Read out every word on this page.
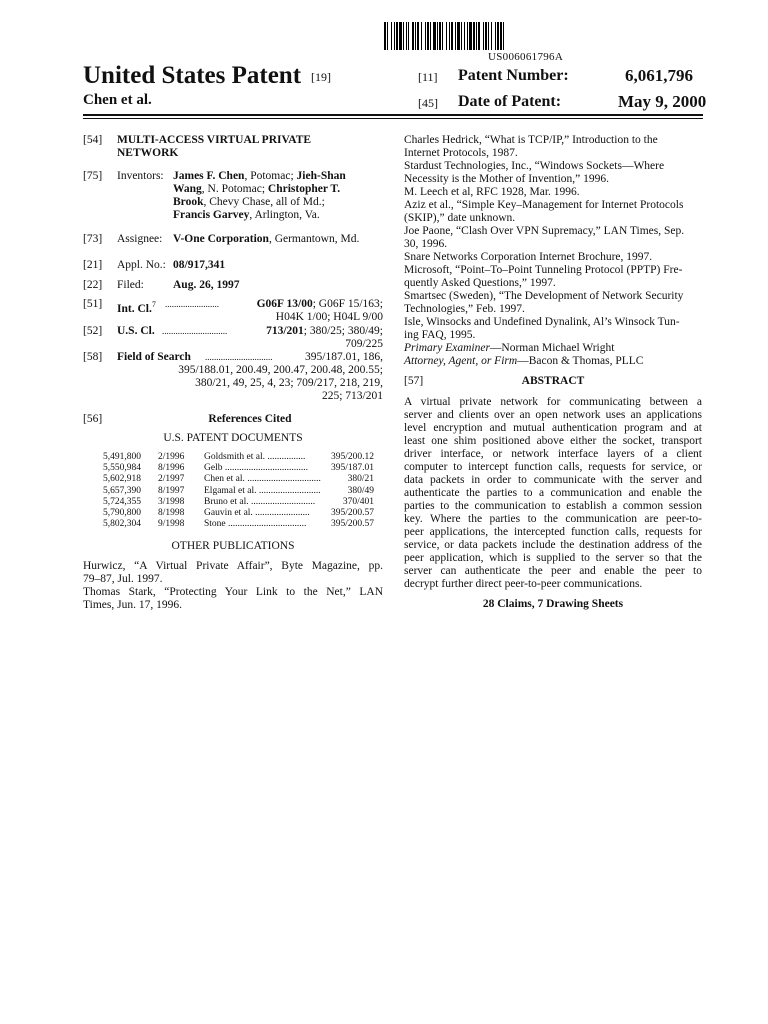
US006061796A
United States Patent [19]
Chen et al.
[11] Patent Number:	6,061,796
[45] Date of Patent:	May 9, 2000
[54] MULTI-ACCESS VIRTUAL PRIVATE
NETWORK
[75] Inventors: James F. Chen, Potomac; Jieh-Shan
Wang, N. Potomac; Christopher T.
Brook, Chevy Chase, all of Md.;
Francis Garvey, Arlington, Va.
[73] Assignee: V-One Corporation, Germantown, Md.
[21] Appl. No.: 08/917,341
[22] Filed:	Aug. 26, 1997
[51] Int. Cl.$^7$ ........................	G06F 13/00; G06F 15/163;
H04K 1/00; H04L 9/00
[52] U.S. Cl. .............................	713/201; 380/25; 380/49;
709/225
[58] Field of Search ..............................	395/187.01, 186,
395/188.01, 200.49, 200.47, 200.48, 200.55;
380/21, 49, 25, 4, 23; 709/217, 218, 219,
225; 713/201
[56]	References Cited
U.S. PATENT DOCUMENTS
5,491,800	2/1996	Goldsmith et al. ................	395/200.12
5,550,984	8/1996	Gelb ...................................	395/187.01
5,602,918	2/1997	Chen et al. ...............................	380/21
5,657,390	8/1997	Elgamal et al. ..........................	380/49
5,724,355	3/1998	Bruno et al. ...........................	370/401
5,790,800	8/1998	Gauvin et al. .......................	395/200.57
5,802,304	9/1998	Stone .................................	395/200.57
OTHER PUBLICATIONS
Hurwicz, “A Virtual Private Affair”, Byte Magazine, pp.
79–87, Jul. 1997.
Thomas Stark, “Protecting Your Link to the Net,” LAN
Times, Jun. 17, 1996.
Charles Hedrick, “What is TCP/IP,” Introduction to the
Internet Protocols, 1987.
Stardust Technologies, Inc., “Windows Sockets—Where
Necessity is the Mother of Invention,” 1996.
M. Leech et al, RFC 1928, Mar. 1996.
Aziz et al., “Simple Key–Management for Internet Protocols
(SKIP),” date unknown.
Joe Paone, “Clash Over VPN Supremacy,” LAN Times, Sep.
30, 1996.
Snare Networks Corporation Internet Brochure, 1997.
Microsoft, “Point–To–Point Tunneling Protocol (PPTP) Fre-
quently Asked Questions,” 1997.
Smartsec (Sweden), “The Development of Network Security
Technologies,” Feb. 1997.
Isle, Winsocks and Undefined Dynalink, Al’s Winsock Tun-
ing FAQ, 1995.
Primary Examiner—Norman Michael Wright
Attorney, Agent, or Firm—Bacon & Thomas, PLLC
[57]	ABSTRACT
A virtual private network for communicating between a
server and clients over an open network uses an applications
level encryption and mutual authentication program and at
least one shim positioned above either the socket, transport
driver interface, or network interface layers of a client
computer to intercept function calls, requests for service, or
data packets in order to communicate with the server and
authenticate the parties to a communication and enable the
parties to the communication to establish a common session
key. Where the parties to the communication are peer-to-
peer applications, the intercepted function calls, requests for
service, or data packets include the destination address of the
peer application, which is supplied to the server so that the
server can authenticate the peer and enable the peer to
decrypt further direct peer-to-peer communications.
28 Claims, 7 Drawing Sheets
